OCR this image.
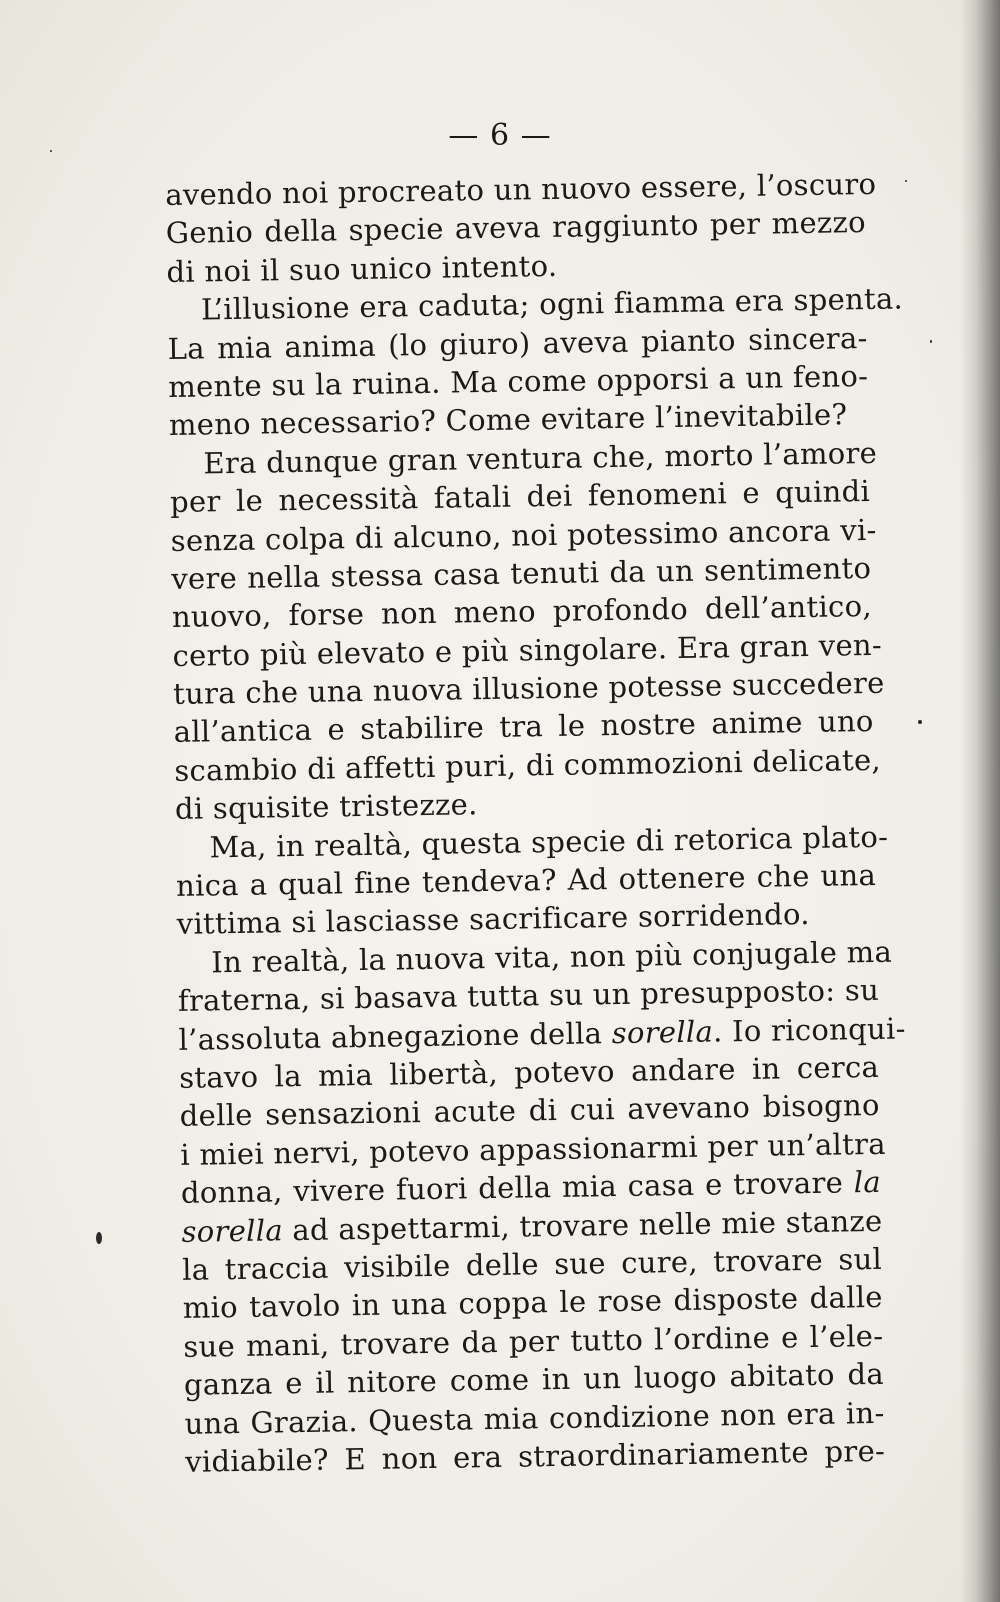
— 6 —
avendo noi procreato un nuovo essere, l’oscuro
Genio della specie aveva raggiunto per mezzo
di noi il suo unico intento.
L’illusione era caduta; ogni fiamma era spenta.
La mia anima (lo giuro) aveva pianto sincera-
mente su la ruina. Ma come opporsi a un feno-
meno necessario? Come evitare l’inevitabile?
Era dunque gran ventura che, morto l’amore
per le necessità fatali dei fenomeni e quindi
senza colpa di alcuno, noi potessimo ancora vi-
vere nella stessa casa tenuti da un sentimento
nuovo, forse non meno profondo dell’antico,
certo più elevato e più singolare. Era gran ven-
tura che una nuova illusione potesse succedere
all’antica e stabilire tra le nostre anime uno
scambio di affetti puri, di commozioni delicate,
di squisite tristezze.
Ma, in realtà, questa specie di retorica plato-
nica a qual fine tendeva? Ad ottenere che una
vittima si lasciasse sacrificare sorridendo.
In realtà, la nuova vita, non più conjugale ma
fraterna, si basava tutta su un presupposto: su
l’assoluta abnegazione della sorella. Io riconqui-
stavo la mia libertà, potevo andare in cerca
delle sensazioni acute di cui avevano bisogno
i miei nervi, potevo appassionarmi per un’altra
donna, vivere fuori della mia casa e trovare la
sorella ad aspettarmi, trovare nelle mie stanze
la traccia visibile delle sue cure, trovare sul
mio tavolo in una coppa le rose disposte dalle
sue mani, trovare da per tutto l’ordine e l’ele-
ganza e il nitore come in un luogo abitato da
una Grazia. Questa mia condizione non era in-
vidiabile? E non era straordinariamente pre-
